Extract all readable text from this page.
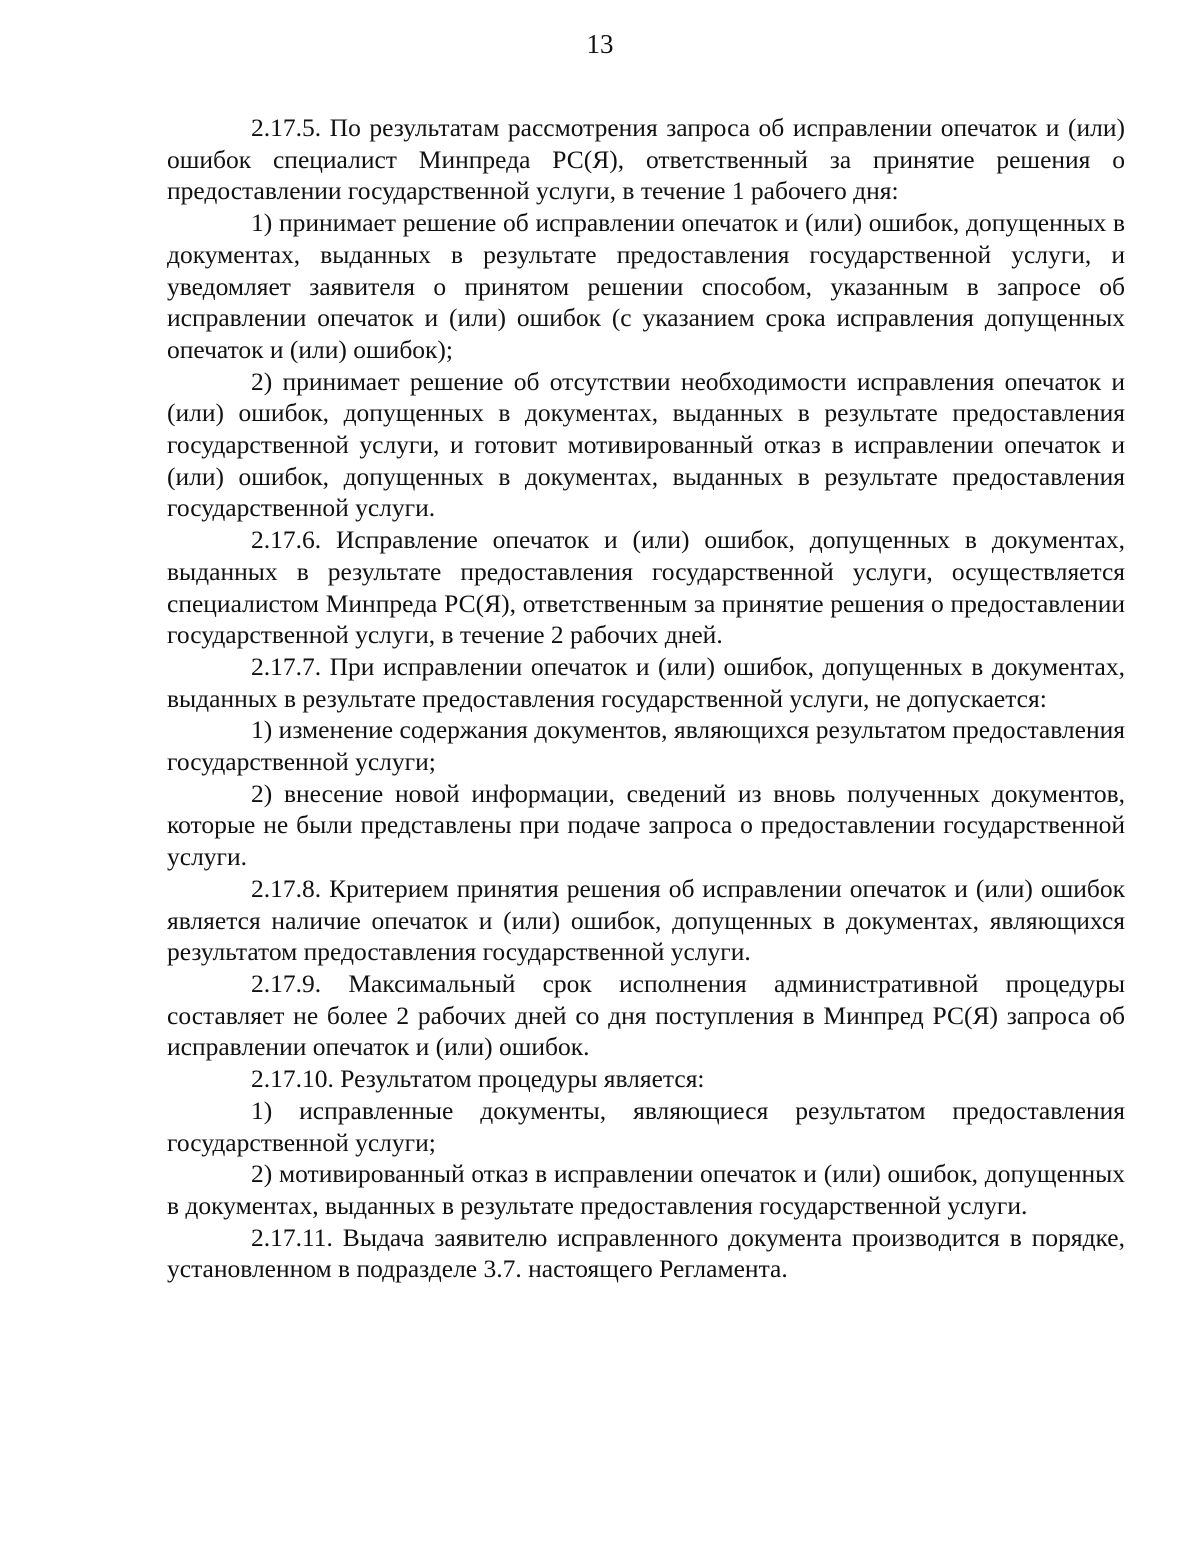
13

2.17.5. По результатам рассмотрения запроса об исправлении опечаток и (или) ошибок специалист Минпреда РС(Я), ответственный за принятие решения о предоставлении государственной услуги, в течение 1 рабочего дня:

1) принимает решение об исправлении опечаток и (или) ошибок, допущенных в документах, выданных в результате предоставления государственной услуги, и уведомляет заявителя о принятом решении способом, указанным в запросе об исправлении опечаток и (или) ошибок (с указанием срока исправления допущенных опечаток и (или) ошибок);

2) принимает решение об отсутствии необходимости исправления опечаток и (или) ошибок, допущенных в документах, выданных в результате предоставления государственной услуги, и готовит мотивированный отказ в исправлении опечаток и (или) ошибок, допущенных в документах, выданных в результате предоставления государственной услуги.

2.17.6. Исправление опечаток и (или) ошибок, допущенных в документах, выданных в результате предоставления государственной услуги, осуществляется специалистом Минпреда РС(Я), ответственным за принятие решения о предоставлении государственной услуги, в течение 2 рабочих дней.

2.17.7. При исправлении опечаток и (или) ошибок, допущенных в документах, выданных в результате предоставления государственной услуги, не допускается:

1) изменение содержания документов, являющихся результатом предоставления государственной услуги;

2) внесение новой информации, сведений из вновь полученных документов, которые не были представлены при подаче запроса о предоставлении государственной услуги.

2.17.8. Критерием принятия решения об исправлении опечаток и (или) ошибок является наличие опечаток и (или) ошибок, допущенных в документах, являющихся результатом предоставления государственной услуги.

2.17.9. Максимальный срок исполнения административной процедуры составляет не более 2 рабочих дней со дня поступления в Минпред РС(Я) запроса об исправлении опечаток и (или) ошибок.

2.17.10. Результатом процедуры является:

1) исправленные документы, являющиеся результатом предоставления государственной услуги;

2) мотивированный отказ в исправлении опечаток и (или) ошибок, допущенных в документах, выданных в результате предоставления государственной услуги.

2.17.11. Выдача заявителю исправленного документа производится в порядке, установленном в подразделе 3.7. настоящего Регламента.
